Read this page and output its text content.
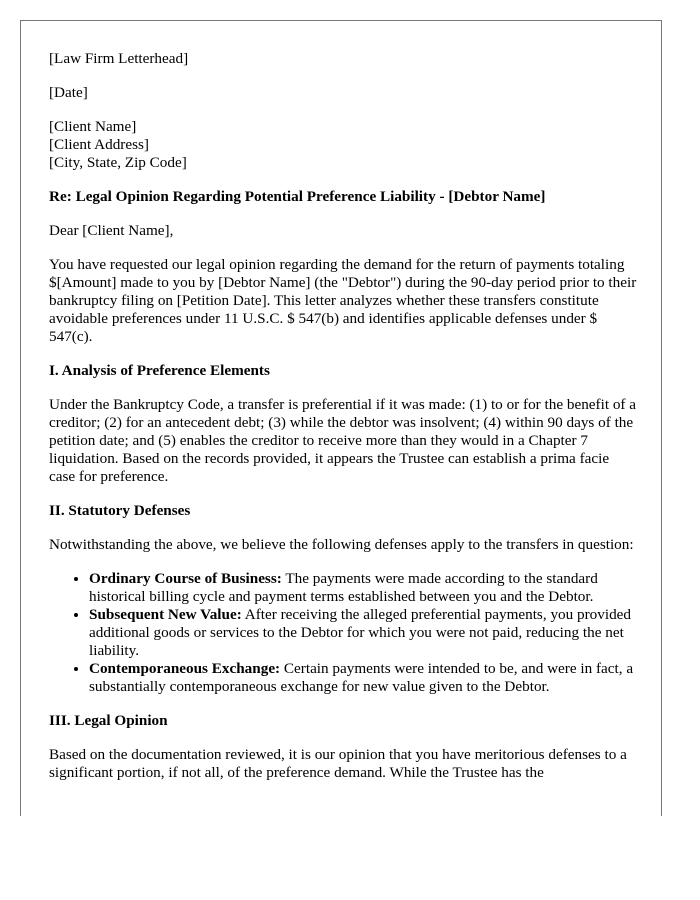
[Law Firm Letterhead]

[Date]

[Client Name]
[Client Address]
[City, State, Zip Code]

Re: Legal Opinion Regarding Potential Preference Liability - [Debtor Name]

Dear [Client Name],

You have requested our legal opinion regarding the demand for the return of payments totaling $[Amount] made to you by [Debtor Name] (the "Debtor") during the 90-day period prior to their bankruptcy filing on [Petition Date]. This letter analyzes whether these transfers constitute avoidable preferences under 11 U.S.C. $ 547(b) and identifies applicable defenses under $ 547(c).

I. Analysis of Preference Elements

Under the Bankruptcy Code, a transfer is preferential if it was made: (1) to or for the benefit of a creditor; (2) for an antecedent debt; (3) while the debtor was insolvent; (4) within 90 days of the petition date; and (5) enables the creditor to receive more than they would in a Chapter 7 liquidation. Based on the records provided, it appears the Trustee can establish a prima facie case for preference.

II. Statutory Defenses

Notwithstanding the above, we believe the following defenses apply to the transfers in question:

• Ordinary Course of Business: The payments were made according to the standard historical billing cycle and payment terms established between you and the Debtor.
• Subsequent New Value: After receiving the alleged preferential payments, you provided additional goods or services to the Debtor for which you were not paid, reducing the net liability.
• Contemporaneous Exchange: Certain payments were intended to be, and were in fact, a substantially contemporaneous exchange for new value given to the Debtor.
III. Legal Opinion

Based on the documentation reviewed, it is our opinion that you have meritorious defenses to a significant portion, if not all, of the preference demand. While the Trustee has the
